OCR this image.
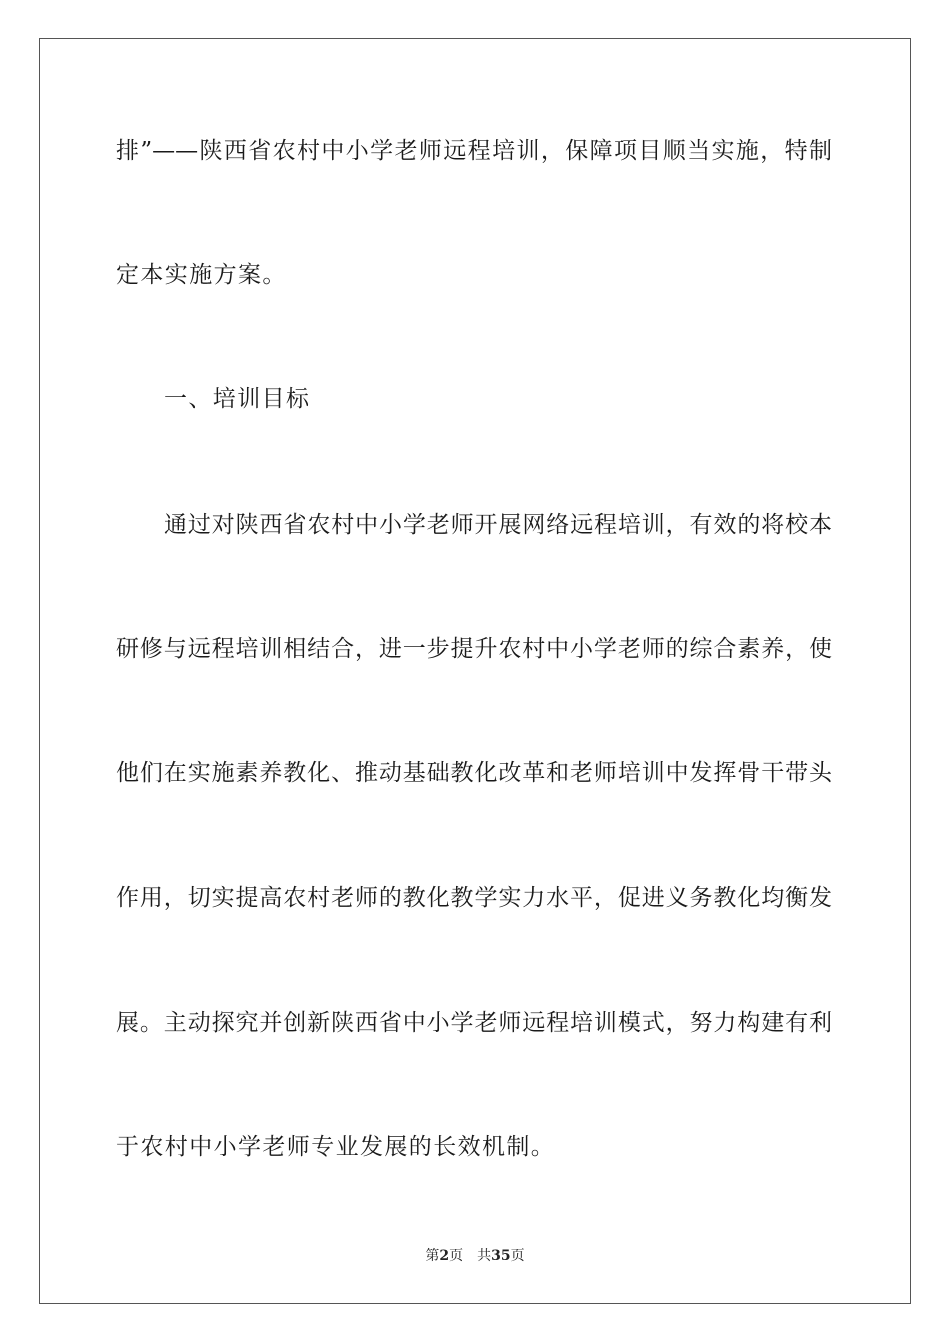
排”——陕西省农村中小学老师远程培训，保障项目顺当实施，特制
定本实施方案。
一、培训目标
通过对陕西省农村中小学老师开展网络远程培训，有效的将校本
研修与远程培训相结合，进一步提升农村中小学老师的综合素养，使
他们在实施素养教化、推动基础教化改革和老师培训中发挥骨干带头
作用，切实提高农村老师的教化教学实力水平，促进义务教化均衡发
展。主动探究并创新陕西省中小学老师远程培训模式，努力构建有利
于农村中小学老师专业发展的长效机制。
第2页 共35页
